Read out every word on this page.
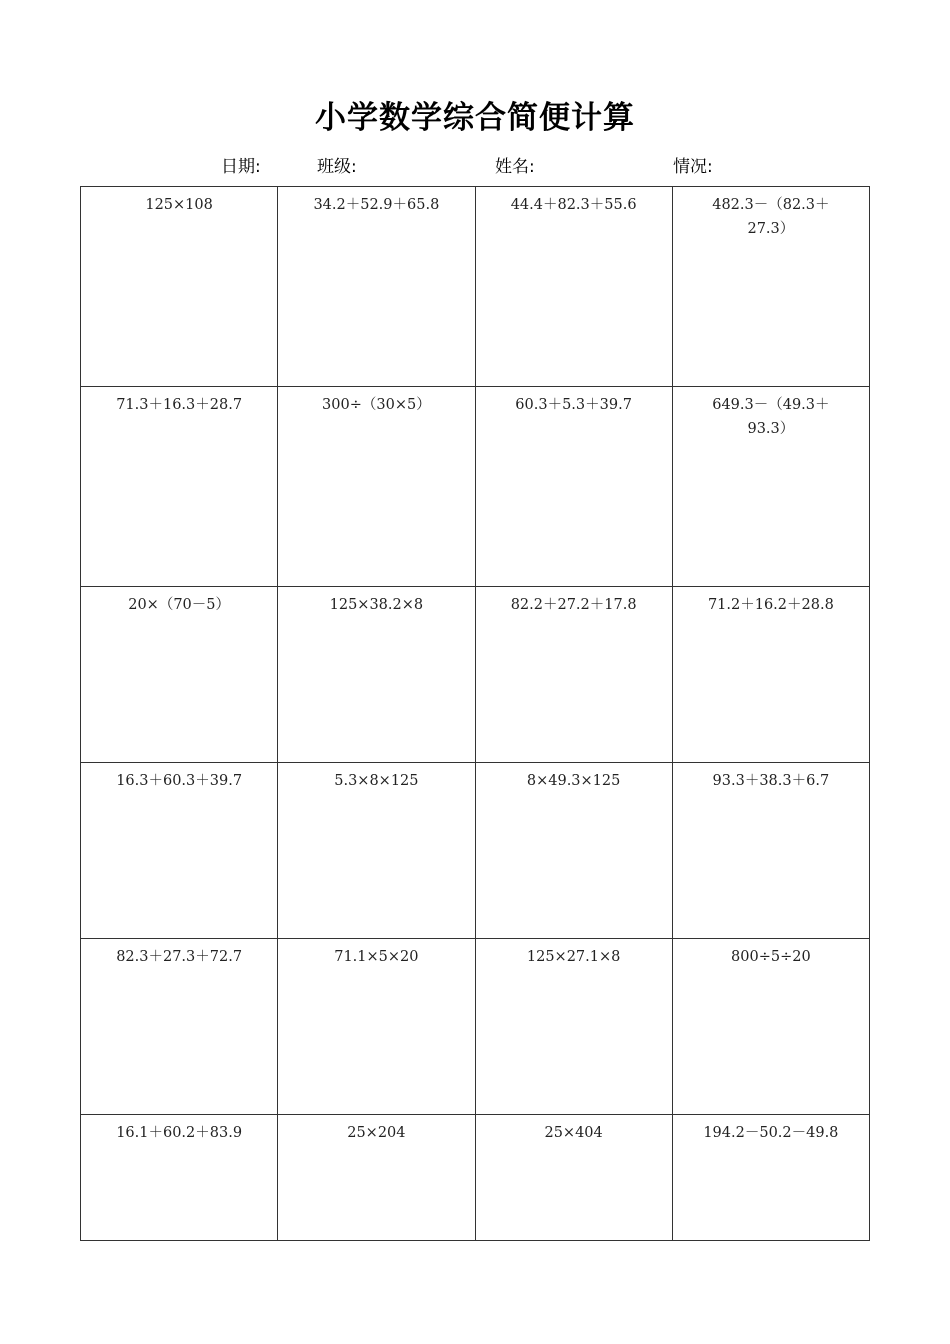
小学数学综合简便计算
日期:	班级:	姓名:	情况:
125×108	34.2＋52.9＋65.8	44.4＋82.3＋55.6	482.3－（82.3＋27.3）
71.3＋16.3＋28.7	300÷（30×5）	60.3＋5.3＋39.7	649.3－（49.3＋93.3）
20×（70－5）	125×38.2×8	82.2＋27.2＋17.8	71.2＋16.2＋28.8
16.3＋60.3＋39.7	5.3×8×125	8×49.3×125	93.3＋38.3＋6.7
82.3＋27.3＋72.7	71.1×5×20	125×27.1×8	800÷5÷20
16.1＋60.2＋83.9	25×204	25×404	194.2－50.2－49.8
